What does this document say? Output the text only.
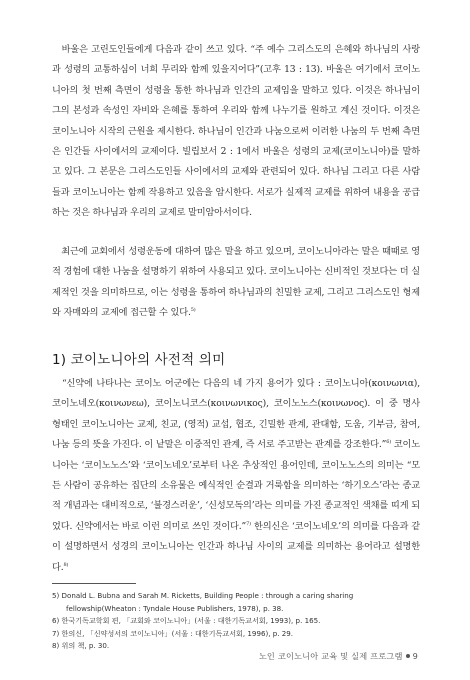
　바울은 고린도인들에게 다음과 같이 쓰고 있다. “주 예수 그리스도의 은혜와 하나님의 사랑과 성령의 교통하심이 너희 무리와 함께 있을지어다”(고후 13 : 13). 바울은 여기에서 코이노니아의 첫 번째 측면이 성령을 통한 하나님과 인간의 교제임을 말하고 있다. 이것은 하나님이 그의 본성과 속성인 자비와 은혜를 통하여 우리와 함께 나누기를 원하고 계신 것이다. 이것은 코이노니아 시작의 근원을 제시한다. 하나님이 인간과 나눔으로써 이러한 나눔의 두 번째 측면은 인간들 사이에서의 교제이다. 빌립보서 2 : 1에서 바울은 성령의 교제(코이노니아)를 말하고 있다. 그 본문은 그리스도인들 사이에서의 교제와 관련되어 있다. 하나님 그리고 다른 사람들과 코이노니아는 함께 작용하고 있음을 암시한다. 서로가 실제적 교제를 위하여 내용을 공급하는 것은 하나님과 우리의 교제로 말미암아서이다.

　최근에 교회에서 성령운동에 대하여 많은 말을 하고 있으며, 코이노니아라는 말은 때때로 영적 경험에 대한 나눔을 설명하기 위하여 사용되고 있다. 코이노니아는 신비적인 것보다는 더 실제적인 것을 의미하므로, 이는 성령을 통하여 하나님과의 친밀한 교제, 그리고 그리스도인 형제와 자매와의 교제에 접근할 수 있다.$^{5)}$

1) 코이노니아의 사전적 의미

　“신약에 나타나는 코이노 어군에는 다음의 네 가지 용어가 있다 : 코이노니아(κοινωνια), 코이노네오(κοινωνεω), 코이노니코스(κοινωνικος), 코이노노스(κοινωνος). 이 중 명사 형태인 코이노니아는 교제, 친교, (영적) 교섭, 협조, 긴밀한 관계, 관대함, 도움, 기부금, 참여, 나눔 등의 뜻을 가진다. 이 낱말은 이중적인 관계, 즉 서로 주고받는 관계를 강조한다.”$^{6)}$ 코이노니아는 ‘코이노노스’와 ‘코이노네오’로부터 나온 추상적인 용어인데, 코이노노스의 의미는 “모든 사람이 공유하는 집단의 소유물은 예식적인 순결과 거룩함을 의미하는 ‘하기오스’라는 종교적 개념과는 대비적으로, ‘불경스러운’, ‘신성모독의’라는 의미를 가진 종교적인 색채를 띠게 되었다. 신약에서는 바로 이런 의미로 쓰인 것이다.”$^{7)}$ 한의신은 ‘코이노네오’의 의미를 다음과 같이 설명하면서 성경의 코이노니아는 인간과 하나님 사이의 교제를 의미하는 용어라고 설명한다.$^{8)}$

5) Donald L. Bubna and Sarah M. Ricketts, Building People : through a caring sharing fellowship(Wheaton : Tyndale House Publishers, 1978), p. 38.
6) 한국기독교학회 편, 「교회와 코이노니아」(서울 : 대한기독교서회, 1993), p. 165.
7) 한의신, 「신약성서의 코이노니아」(서울 : 대한기독교서회, 1996), p. 29.
8) 위의 책, p. 30.
노인 코이노니아 교육 및 실제 프로그램 9
